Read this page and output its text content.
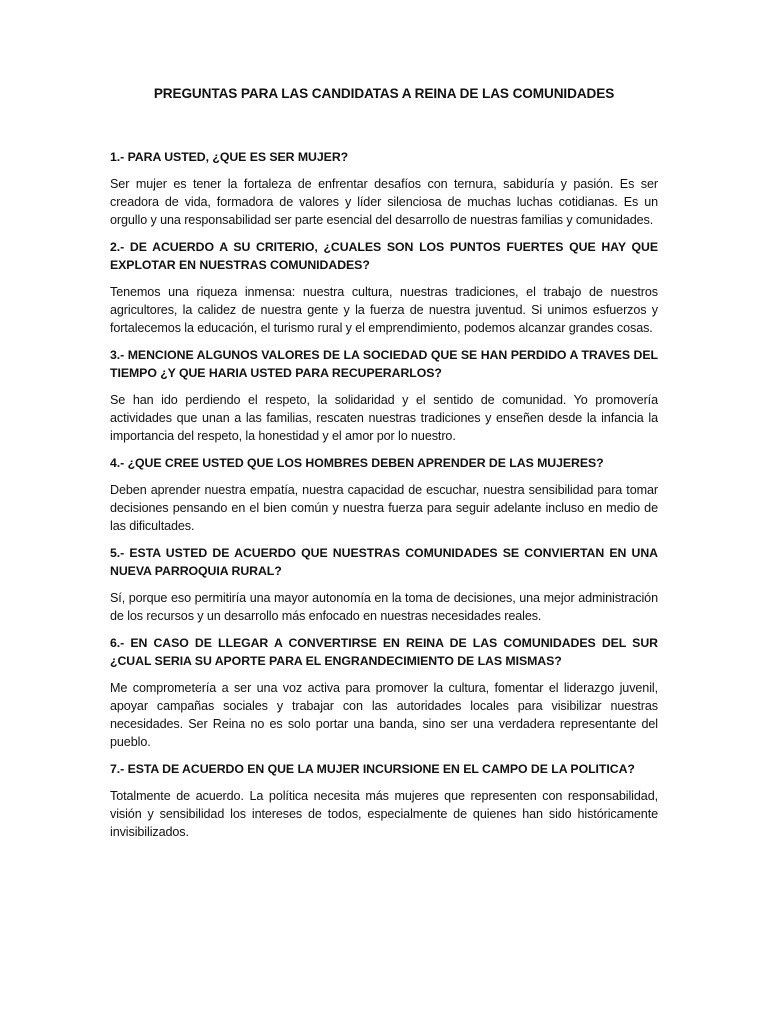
PREGUNTAS PARA LAS CANDIDATAS A REINA DE LAS COMUNIDADES

1.- PARA USTED, ¿QUE ES SER MUJER?

Ser mujer es tener la fortaleza de enfrentar desafíos con ternura, sabiduría y pasión. Es ser creadora de vida, formadora de valores y líder silenciosa de muchas luchas cotidianas. Es un orgullo y una responsabilidad ser parte esencial del desarrollo de nuestras familias y comunidades.

2.- DE ACUERDO A SU CRITERIO, ¿CUALES SON LOS PUNTOS FUERTES QUE HAY QUE EXPLOTAR EN NUESTRAS COMUNIDADES?

Tenemos una riqueza inmensa: nuestra cultura, nuestras tradiciones, el trabajo de nuestros agricultores, la calidez de nuestra gente y la fuerza de nuestra juventud. Si unimos esfuerzos y fortalecemos la educación, el turismo rural y el emprendimiento, podemos alcanzar grandes cosas.

3.- MENCIONE ALGUNOS VALORES DE LA SOCIEDAD QUE SE HAN PERDIDO A TRAVES DEL TIEMPO ¿Y QUE HARIA USTED PARA RECUPERARLOS?

Se han ido perdiendo el respeto, la solidaridad y el sentido de comunidad. Yo promovería actividades que unan a las familias, rescaten nuestras tradiciones y enseñen desde la infancia la importancia del respeto, la honestidad y el amor por lo nuestro.

4.- ¿QUE CREE USTED QUE LOS HOMBRES DEBEN APRENDER DE LAS MUJERES?

Deben aprender nuestra empatía, nuestra capacidad de escuchar, nuestra sensibilidad para tomar decisiones pensando en el bien común y nuestra fuerza para seguir adelante incluso en medio de las dificultades.

5.- ESTA USTED DE ACUERDO QUE NUESTRAS COMUNIDADES SE CONVIERTAN EN UNA NUEVA PARROQUIA RURAL?

Sí, porque eso permitiría una mayor autonomía en la toma de decisiones, una mejor administración de los recursos y un desarrollo más enfocado en nuestras necesidades reales.

6.- EN CASO DE LLEGAR A CONVERTIRSE EN REINA DE LAS COMUNIDADES DEL SUR ¿CUAL SERIA SU APORTE PARA EL ENGRANDECIMIENTO DE LAS MISMAS?

Me comprometería a ser una voz activa para promover la cultura, fomentar el liderazgo juvenil, apoyar campañas sociales y trabajar con las autoridades locales para visibilizar nuestras necesidades. Ser Reina no es solo portar una banda, sino ser una verdadera representante del pueblo.

7.- ESTA DE ACUERDO EN QUE LA MUJER INCURSIONE EN EL CAMPO DE LA POLITICA?

Totalmente de acuerdo. La política necesita más mujeres que representen con responsabilidad, visión y sensibilidad los intereses de todos, especialmente de quienes han sido históricamente invisibilizados.
